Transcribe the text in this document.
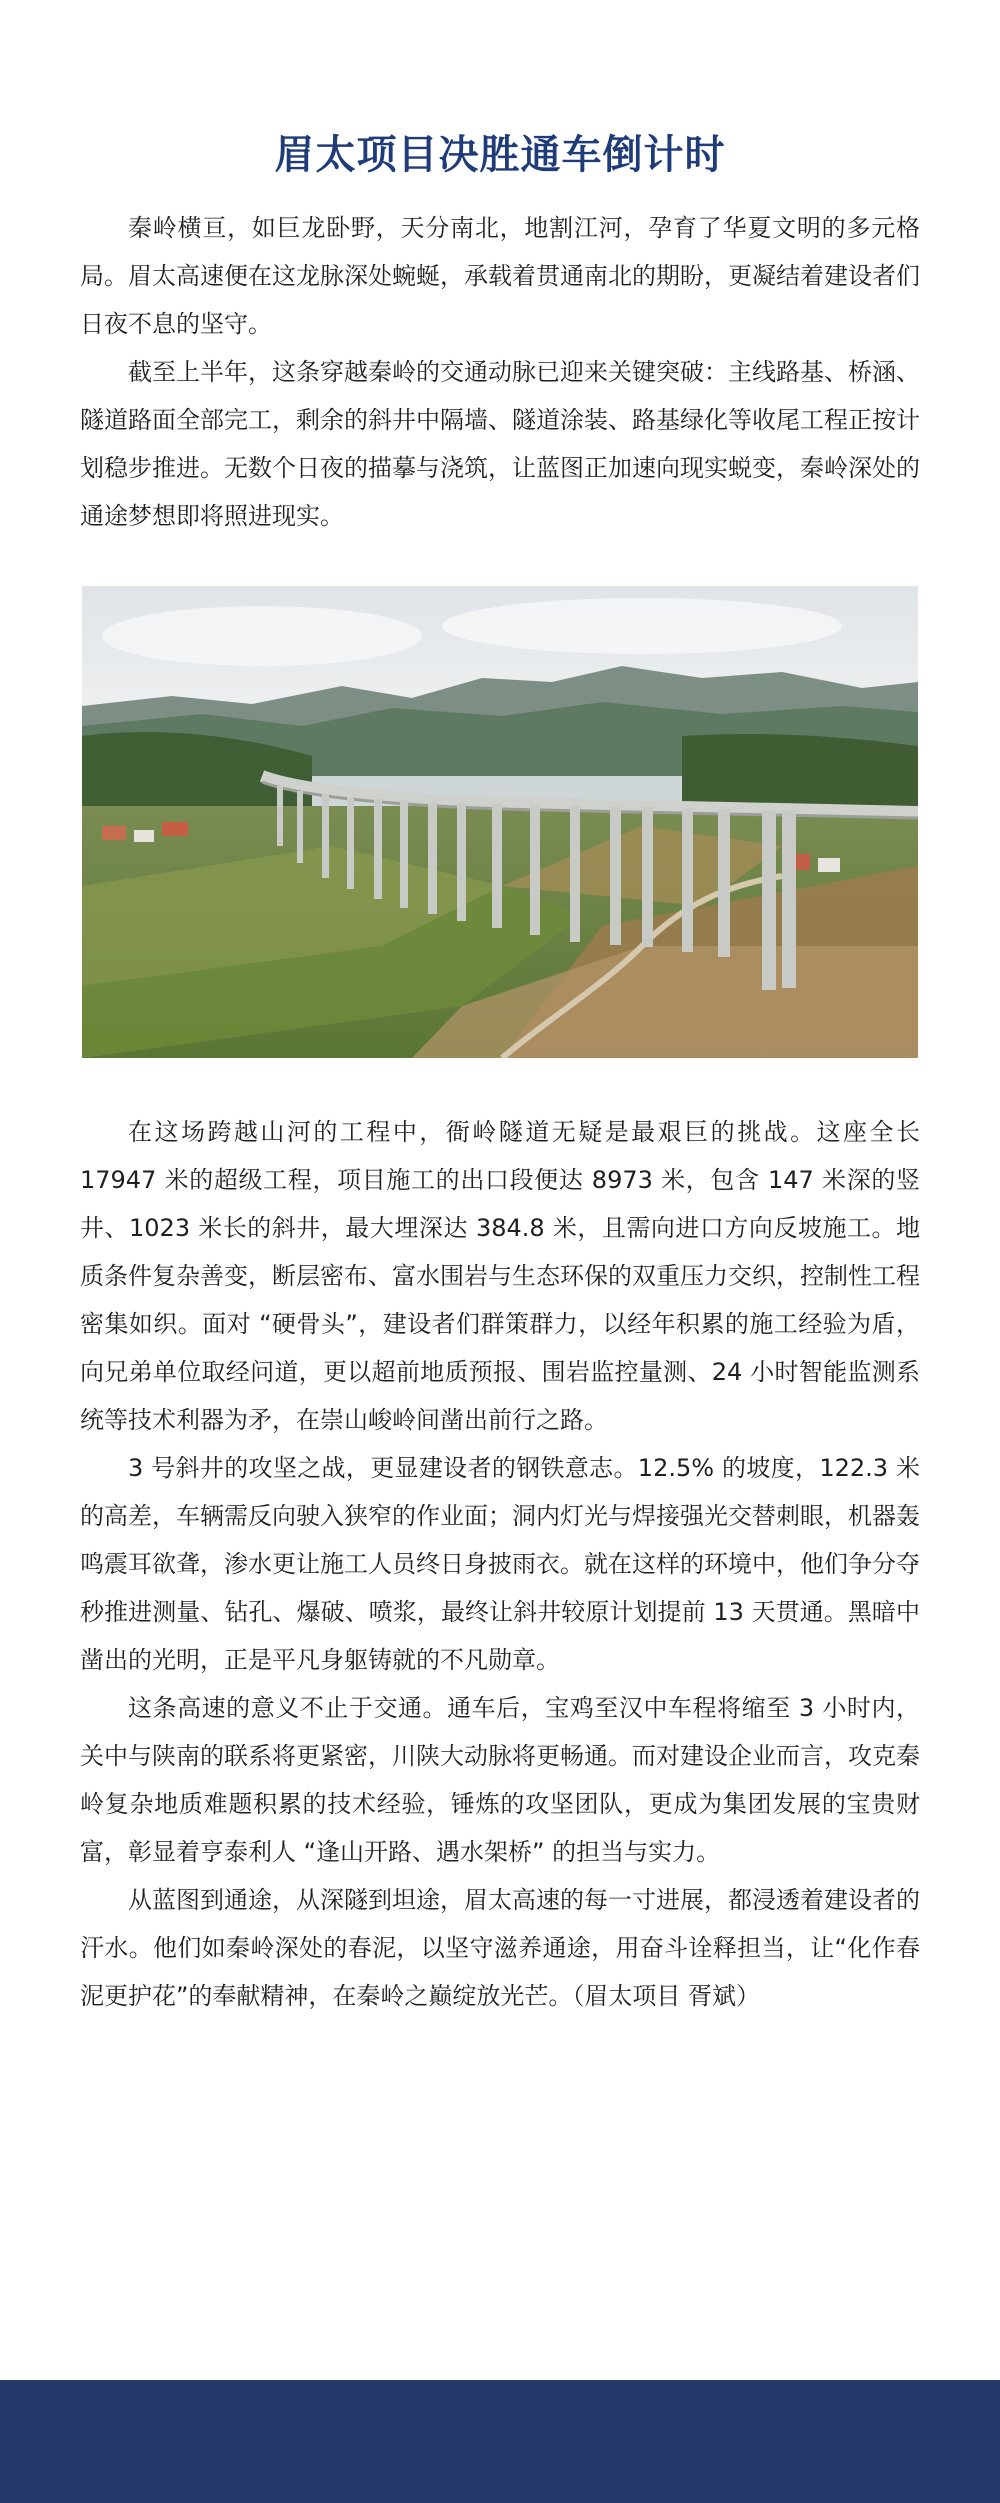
眉太项目决胜通车倒计时

秦岭横亘，如巨龙卧野，天分南北，地割江河，孕育了华夏文明的多元格局。眉太高速便在这龙脉深处蜿蜒，承载着贯通南北的期盼，更凝结着建设者们日夜不息的坚守。

截至上半年，这条穿越秦岭的交通动脉已迎来关键突破：主线路基、桥涵、隧道路面全部完工，剩余的斜井中隔墙、隧道涂装、路基绿化等收尾工程正按计划稳步推进。无数个日夜的描摹与浇筑，让蓝图正加速向现实蜕变，秦岭深处的通途梦想即将照进现实。

在这场跨越山河的工程中，衙岭隧道无疑是最艰巨的挑战。这座全长 17947 米的超级工程，项目施工的出口段便达 8973 米，包含 147 米深的竖井、1023 米长的斜井，最大埋深达 384.8 米，且需向进口方向反坡施工。地质条件复杂善变，断层密布、富水围岩与生态环保的双重压力交织，控制性工程密集如织。面对 “硬骨头”，建设者们群策群力，以经年积累的施工经验为盾，向兄弟单位取经问道，更以超前地质预报、围岩监控量测、24 小时智能监测系统等技术利器为矛，在崇山峻岭间凿出前行之路。

3 号斜井的攻坚之战，更显建设者的钢铁意志。12.5% 的坡度，122.3 米的高差，车辆需反向驶入狭窄的作业面；洞内灯光与焊接强光交替刺眼，机器轰鸣震耳欲聋，渗水更让施工人员终日身披雨衣。就在这样的环境中，他们争分夺秒推进测量、钻孔、爆破、喷浆，最终让斜井较原计划提前 13 天贯通。黑暗中凿出的光明，正是平凡身躯铸就的不凡勋章。

这条高速的意义不止于交通。通车后，宝鸡至汉中车程将缩至 3 小时内，关中与陕南的联系将更紧密，川陕大动脉将更畅通。而对建设企业而言，攻克秦岭复杂地质难题积累的技术经验，锤炼的攻坚团队，更成为集团发展的宝贵财富，彰显着亨泰利人 “逢山开路、遇水架桥” 的担当与实力。

从蓝图到通途，从深隧到坦途，眉太高速的每一寸进展，都浸透着建设者的汗水。他们如秦岭深处的春泥，以坚守滋养通途，用奋斗诠释担当，让“化作春泥更护花”的奉献精神，在秦岭之巅绽放光芒。（眉太项目 胥斌）
